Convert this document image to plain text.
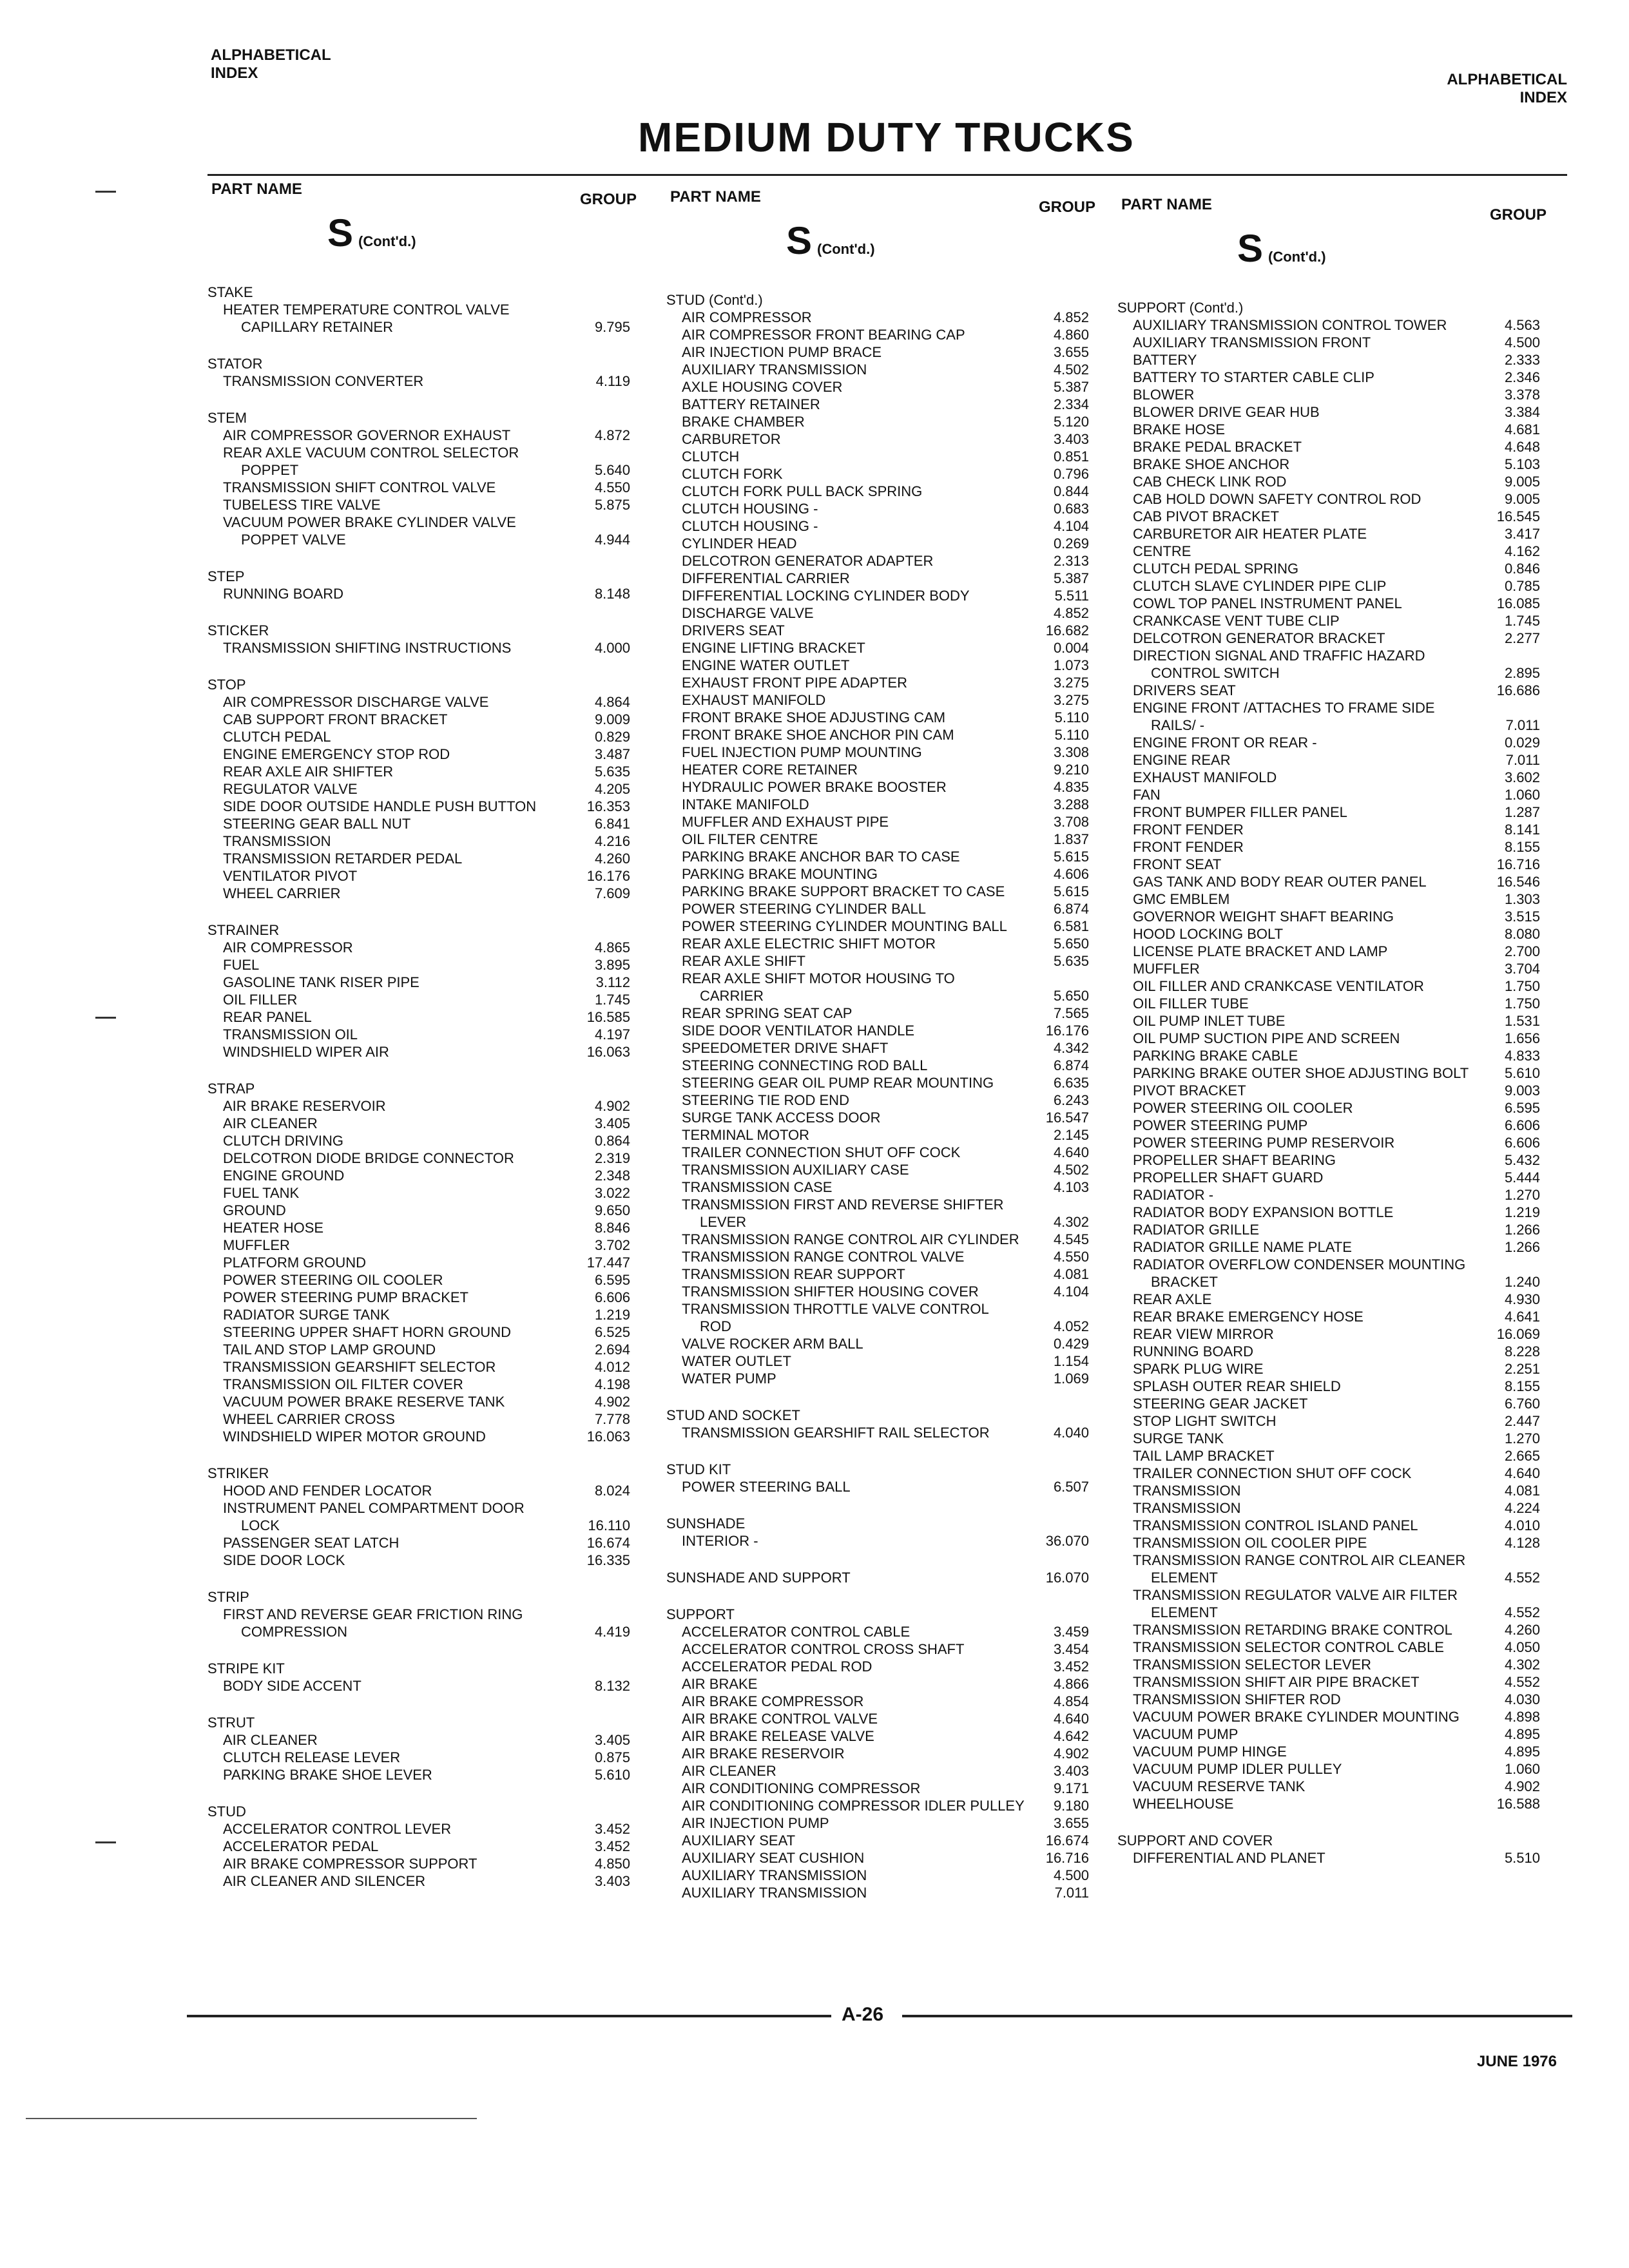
ALPHABETICAL
INDEX	ALPHABETICAL
INDEX
MEDIUM DUTY TRUCKS
PART NAME
GROUP
S (Cont'd.)
STAKE
HEATER TEMPERATURE CONTROL VALVE
CAPILLARY RETAINER	9.795
STATOR
TRANSMISSION CONVERTER	4.119
STEM
AIR COMPRESSOR GOVERNOR EXHAUST	4.872
REAR AXLE VACUUM CONTROL SELECTOR
POPPET	5.640
TRANSMISSION SHIFT CONTROL VALVE	4.550
TUBELESS TIRE VALVE	5.875
VACUUM POWER BRAKE CYLINDER VALVE
POPPET VALVE	4.944
STEP
RUNNING BOARD	8.148
STICKER
TRANSMISSION SHIFTING INSTRUCTIONS	4.000
STOP
AIR COMPRESSOR DISCHARGE VALVE	4.864
CAB SUPPORT FRONT BRACKET	9.009
CLUTCH PEDAL	0.829
ENGINE EMERGENCY STOP ROD	3.487
REAR AXLE AIR SHIFTER	5.635
REGULATOR VALVE	4.205
SIDE DOOR OUTSIDE HANDLE PUSH BUTTON	16.353
STEERING GEAR BALL NUT	6.841
TRANSMISSION	4.216
TRANSMISSION RETARDER PEDAL	4.260
VENTILATOR PIVOT	16.176
WHEEL CARRIER	7.609
STRAINER
AIR COMPRESSOR	4.865
FUEL	3.895
GASOLINE TANK RISER PIPE	3.112
OIL FILLER	1.745
REAR PANEL	16.585
TRANSMISSION OIL	4.197
WINDSHIELD WIPER AIR	16.063
STRAP
AIR BRAKE RESERVOIR	4.902
AIR CLEANER	3.405
CLUTCH DRIVING	0.864
DELCOTRON DIODE BRIDGE CONNECTOR	2.319
ENGINE GROUND	2.348
FUEL TANK	3.022
GROUND	9.650
HEATER HOSE	8.846
MUFFLER	3.702
PLATFORM GROUND	17.447
POWER STEERING OIL COOLER	6.595
POWER STEERING PUMP BRACKET	6.606
RADIATOR SURGE TANK	1.219
STEERING UPPER SHAFT HORN GROUND	6.525
TAIL AND STOP LAMP GROUND	2.694
TRANSMISSION GEARSHIFT SELECTOR	4.012
TRANSMISSION OIL FILTER COVER	4.198
VACUUM POWER BRAKE RESERVE TANK	4.902
WHEEL CARRIER CROSS	7.778
WINDSHIELD WIPER MOTOR GROUND	16.063
STRIKER
HOOD AND FENDER LOCATOR	8.024
INSTRUMENT PANEL COMPARTMENT DOOR
LOCK	16.110
PASSENGER SEAT LATCH	16.674
SIDE DOOR LOCK	16.335
STRIP
FIRST AND REVERSE GEAR FRICTION RING
COMPRESSION	4.419
STRIPE KIT
BODY SIDE ACCENT	8.132
STRUT
AIR CLEANER	3.405
CLUTCH RELEASE LEVER	0.875
PARKING BRAKE SHOE LEVER	5.610
STUD
ACCELERATOR CONTROL LEVER	3.452
ACCELERATOR PEDAL	3.452
AIR BRAKE COMPRESSOR SUPPORT	4.850
AIR CLEANER AND SILENCER	3.403
PART NAME
GROUP
S (Cont'd.)
STUD (Cont'd.)
AIR COMPRESSOR	4.852
AIR COMPRESSOR FRONT BEARING CAP	4.860
AIR INJECTION PUMP BRACE	3.655
AUXILIARY TRANSMISSION	4.502
AXLE HOUSING COVER	5.387
BATTERY RETAINER	2.334
BRAKE CHAMBER	5.120
CARBURETOR	3.403
CLUTCH	0.851
CLUTCH FORK	0.796
CLUTCH FORK PULL BACK SPRING	0.844
CLUTCH HOUSING -	0.683
CLUTCH HOUSING -	4.104
CYLINDER HEAD	0.269
DELCOTRON GENERATOR ADAPTER	2.313
DIFFERENTIAL CARRIER	5.387
DIFFERENTIAL LOCKING CYLINDER BODY	5.511
DISCHARGE VALVE	4.852
DRIVERS SEAT	16.682
ENGINE LIFTING BRACKET	0.004
ENGINE WATER OUTLET	1.073
EXHAUST FRONT PIPE ADAPTER	3.275
EXHAUST MANIFOLD	3.275
FRONT BRAKE SHOE ADJUSTING CAM	5.110
FRONT BRAKE SHOE ANCHOR PIN CAM	5.110
FUEL INJECTION PUMP MOUNTING	3.308
HEATER CORE RETAINER	9.210
HYDRAULIC POWER BRAKE BOOSTER	4.835
INTAKE MANIFOLD	3.288
MUFFLER AND EXHAUST PIPE	3.708
OIL FILTER CENTRE	1.837
PARKING BRAKE ANCHOR BAR TO CASE	5.615
PARKING BRAKE MOUNTING	4.606
PARKING BRAKE SUPPORT BRACKET TO CASE	5.615
POWER STEERING CYLINDER BALL	6.874
POWER STEERING CYLINDER MOUNTING BALL	6.581
REAR AXLE ELECTRIC SHIFT MOTOR	5.650
REAR AXLE SHIFT	5.635
REAR AXLE SHIFT MOTOR HOUSING TO
CARRIER	5.650
REAR SPRING SEAT CAP	7.565
SIDE DOOR VENTILATOR HANDLE	16.176
SPEEDOMETER DRIVE SHAFT	4.342
STEERING CONNECTING ROD BALL	6.874
STEERING GEAR OIL PUMP REAR MOUNTING	6.635
STEERING TIE ROD END	6.243
SURGE TANK ACCESS DOOR	16.547
TERMINAL MOTOR	2.145
TRAILER CONNECTION SHUT OFF COCK	4.640
TRANSMISSION AUXILIARY CASE	4.502
TRANSMISSION CASE	4.103
TRANSMISSION FIRST AND REVERSE SHIFTER
LEVER	4.302
TRANSMISSION RANGE CONTROL AIR CYLINDER	4.545
TRANSMISSION RANGE CONTROL VALVE	4.550
TRANSMISSION REAR SUPPORT	4.081
TRANSMISSION SHIFTER HOUSING COVER	4.104
TRANSMISSION THROTTLE VALVE CONTROL
ROD	4.052
VALVE ROCKER ARM BALL	0.429
WATER OUTLET	1.154
WATER PUMP	1.069
STUD AND SOCKET
TRANSMISSION GEARSHIFT RAIL SELECTOR	4.040
STUD KIT
POWER STEERING BALL	6.507
SUNSHADE
INTERIOR -	36.070
SUNSHADE AND SUPPORT	16.070
SUPPORT
ACCELERATOR CONTROL CABLE	3.459
ACCELERATOR CONTROL CROSS SHAFT	3.454
ACCELERATOR PEDAL ROD	3.452
AIR BRAKE	4.866
AIR BRAKE COMPRESSOR	4.854
AIR BRAKE CONTROL VALVE	4.640
AIR BRAKE RELEASE VALVE	4.642
AIR BRAKE RESERVOIR	4.902
AIR CLEANER	3.403
AIR CONDITIONING COMPRESSOR	9.171
AIR CONDITIONING COMPRESSOR IDLER PULLEY	9.180
AIR INJECTION PUMP	3.655
AUXILIARY SEAT	16.674
AUXILIARY SEAT CUSHION	16.716
AUXILIARY TRANSMISSION	4.500
AUXILIARY TRANSMISSION	7.011
PART NAME
GROUP
S (Cont'd.)
SUPPORT (Cont'd.)
AUXILIARY TRANSMISSION CONTROL TOWER	4.563
AUXILIARY TRANSMISSION FRONT	4.500
BATTERY	2.333
BATTERY TO STARTER CABLE CLIP	2.346
BLOWER	3.378
BLOWER DRIVE GEAR HUB	3.384
BRAKE HOSE	4.681
BRAKE PEDAL BRACKET	4.648
BRAKE SHOE ANCHOR	5.103
CAB CHECK LINK ROD	9.005
CAB HOLD DOWN SAFETY CONTROL ROD	9.005
CAB PIVOT BRACKET	16.545
CARBURETOR AIR HEATER PLATE	3.417
CENTRE	4.162
CLUTCH PEDAL SPRING	0.846
CLUTCH SLAVE CYLINDER PIPE CLIP	0.785
COWL TOP PANEL INSTRUMENT PANEL	16.085
CRANKCASE VENT TUBE CLIP	1.745
DELCOTRON GENERATOR BRACKET	2.277
DIRECTION SIGNAL AND TRAFFIC HAZARD
CONTROL SWITCH	2.895
DRIVERS SEAT	16.686
ENGINE FRONT /ATTACHES TO FRAME SIDE
RAILS/ -	7.011
ENGINE FRONT OR REAR -	0.029
ENGINE REAR	7.011
EXHAUST MANIFOLD	3.602
FAN	1.060
FRONT BUMPER FILLER PANEL	1.287
FRONT FENDER	8.141
FRONT FENDER	8.155
FRONT SEAT	16.716
GAS TANK AND BODY REAR OUTER PANEL	16.546
GMC EMBLEM	1.303
GOVERNOR WEIGHT SHAFT BEARING	3.515
HOOD LOCKING BOLT	8.080
LICENSE PLATE BRACKET AND LAMP	2.700
MUFFLER	3.704
OIL FILLER AND CRANKCASE VENTILATOR	1.750
OIL FILLER TUBE	1.750
OIL PUMP INLET TUBE	1.531
OIL PUMP SUCTION PIPE AND SCREEN	1.656
PARKING BRAKE CABLE	4.833
PARKING BRAKE OUTER SHOE ADJUSTING BOLT	5.610
PIVOT BRACKET	9.003
POWER STEERING OIL COOLER	6.595
POWER STEERING PUMP	6.606
POWER STEERING PUMP RESERVOIR	6.606
PROPELLER SHAFT BEARING	5.432
PROPELLER SHAFT GUARD	5.444
RADIATOR -	1.270
RADIATOR BODY EXPANSION BOTTLE	1.219
RADIATOR GRILLE	1.266
RADIATOR GRILLE NAME PLATE	1.266
RADIATOR OVERFLOW CONDENSER MOUNTING
BRACKET	1.240
REAR AXLE	4.930
REAR BRAKE EMERGENCY HOSE	4.641
REAR VIEW MIRROR	16.069
RUNNING BOARD	8.228
SPARK PLUG WIRE	2.251
SPLASH OUTER REAR SHIELD	8.155
STEERING GEAR JACKET	6.760
STOP LIGHT SWITCH	2.447
SURGE TANK	1.270
TAIL LAMP BRACKET	2.665
TRAILER CONNECTION SHUT OFF COCK	4.640
TRANSMISSION	4.081
TRANSMISSION	4.224
TRANSMISSION CONTROL ISLAND PANEL	4.010
TRANSMISSION OIL COOLER PIPE	4.128
TRANSMISSION RANGE CONTROL AIR CLEANER
ELEMENT	4.552
TRANSMISSION REGULATOR VALVE AIR FILTER
ELEMENT	4.552
TRANSMISSION RETARDING BRAKE CONTROL	4.260
TRANSMISSION SELECTOR CONTROL CABLE	4.050
TRANSMISSION SELECTOR LEVER	4.302
TRANSMISSION SHIFT AIR PIPE BRACKET	4.552
TRANSMISSION SHIFTER ROD	4.030
VACUUM POWER BRAKE CYLINDER MOUNTING	4.898
VACUUM PUMP	4.895
VACUUM PUMP HINGE	4.895
VACUUM PUMP IDLER PULLEY	1.060
VACUUM RESERVE TANK	4.902
WHEELHOUSE	16.588
SUPPORT AND COVER
DIFFERENTIAL AND PLANET	5.510
A-26
JUNE 1976
